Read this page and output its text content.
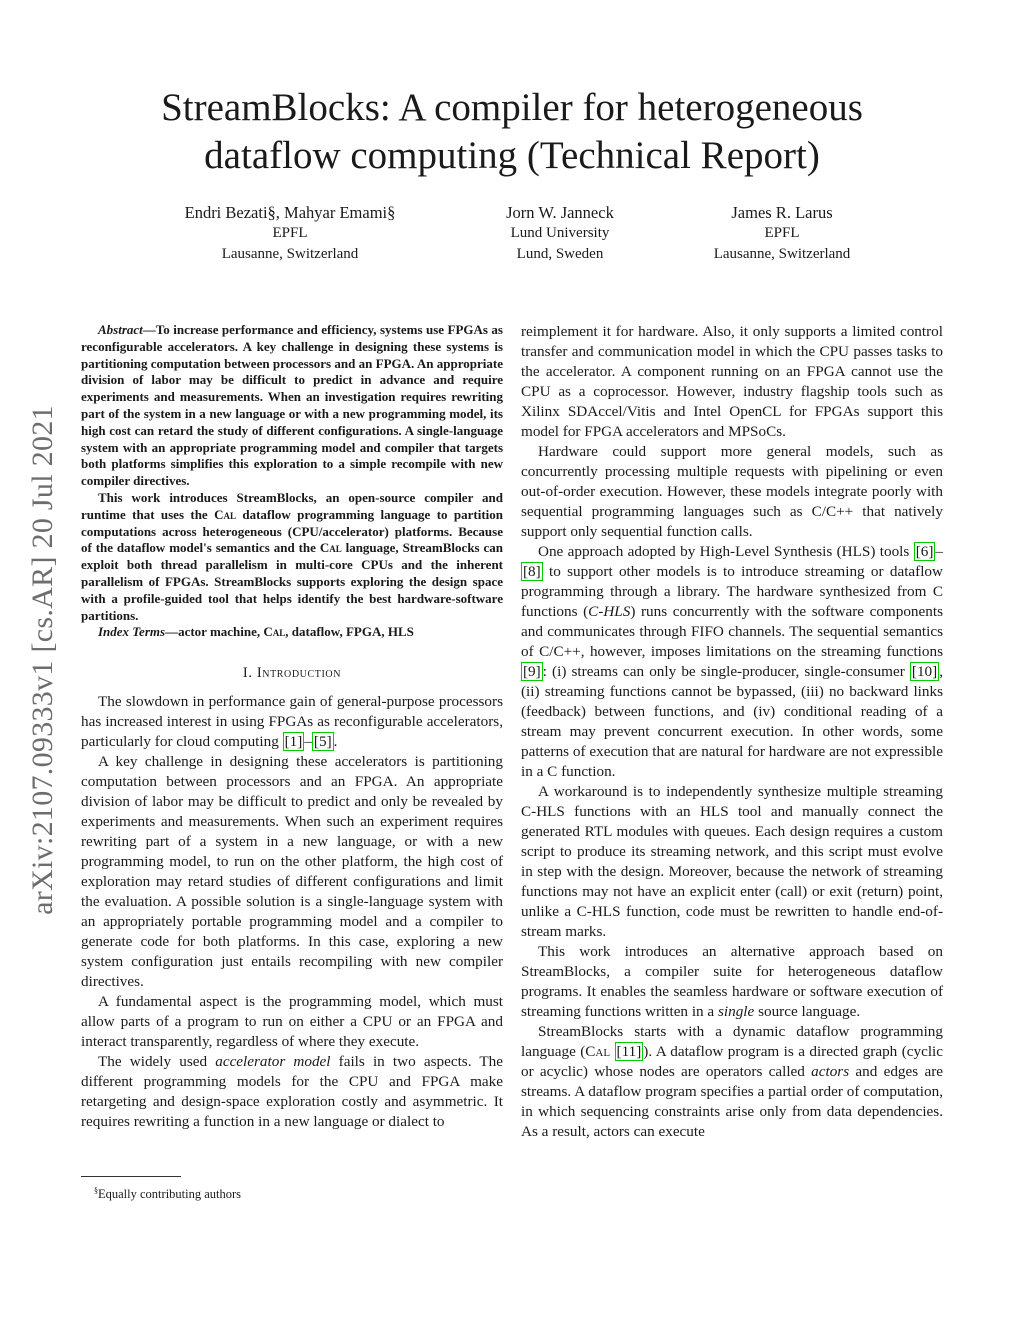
arXiv:2107.09333v1 [cs.AR] 20 Jul 2021
StreamBlocks: A compiler for heterogeneous
dataflow computing (Technical Report)
Endri Bezati§, Mahyar Emami§
EPFL
Lausanne, Switzerland
Jorn W. Janneck
Lund University
Lund, Sweden
James R. Larus
EPFL
Lausanne, Switzerland

Abstract—To increase performance and efficiency, systems use FPGAs as reconfigurable accelerators. A key challenge in designing these systems is partitioning computation between processors and an FPGA. An appropriate division of labor may be difficult to predict in advance and require experiments and measurements. When an investigation requires rewriting part of the system in a new language or with a new programming model, its high cost can retard the study of different configurations. A single-language system with an appropriate programming model and compiler that targets both platforms simplifies this exploration to a simple recompile with new compiler directives.

This work introduces StreamBlocks, an open-source compiler and runtime that uses the Cal dataflow programming language to partition computations across heterogeneous (CPU/accelerator) platforms. Because of the dataflow model's semantics and the Cal language, StreamBlocks can exploit both thread parallelism in multi-core CPUs and the inherent parallelism of FPGAs. StreamBlocks supports exploring the design space with a profile-guided tool that helps identify the best hardware-software partitions.

Index Terms—actor machine, Cal, dataflow, FPGA, HLS

I. Introduction

The slowdown in performance gain of general-purpose processors has increased interest in using FPGAs as reconfigurable accelerators, particularly for cloud computing [1] – [5] .

A key challenge in designing these accelerators is partitioning computation between processors and an FPGA. An appropriate division of labor may be difficult to predict and only be revealed by experiments and measurements. When such an experiment requires rewriting part of a system in a new language, or with a new programming model, to run on the other platform, the high cost of exploration may retard studies of different configurations and limit the evaluation. A possible solution is a single-language system with an appropriately portable programming model and a compiler to generate code for both platforms. In this case, exploring a new system configuration just entails recompiling with new compiler directives.

A fundamental aspect is the programming model, which must allow parts of a program to run on either a CPU or an FPGA and interact transparently, regardless of where they execute.

The widely used accelerator model fails in two aspects. The different programming models for the CPU and FPGA make retargeting and design-space exploration costly and asymmetric. It requires rewriting a function in a new language or dialect to

reimplement it for hardware. Also, it only supports a limited control transfer and communication model in which the CPU passes tasks to the accelerator. A component running on an FPGA cannot use the CPU as a coprocessor. However, industry flagship tools such as Xilinx SDAccel/Vitis and Intel OpenCL for FPGAs support this model for FPGA accelerators and MPSoCs.

Hardware could support more general models, such as concurrently processing multiple requests with pipelining or even out-of-order execution. However, these models integrate poorly with sequential programming languages such as C/C++ that natively support only sequential function calls.

One approach adopted by High-Level Synthesis (HLS) tools [6] –[8] to support other models is to introduce streaming or dataflow programming through a library. The hardware synthesized from C functions (C-HLS) runs concurrently with the software components and communicates through FIFO channels. The sequential semantics of C/C++, however, imposes limitations on the streaming functions [9] : (i) streams can only be single-producer, single-consumer [10] , (ii) streaming functions cannot be bypassed, (iii) no backward links (feedback) between functions, and (iv) conditional reading of a stream may prevent concurrent execution. In other words, some patterns of execution that are natural for hardware are not expressible in a C function.

A workaround is to independently synthesize multiple streaming C-HLS functions with an HLS tool and manually connect the generated RTL modules with queues. Each design requires a custom script to produce its streaming network, and this script must evolve in step with the design. Moreover, because the network of streaming functions may not have an explicit enter (call) or exit (return) point, unlike a C-HLS function, code must be rewritten to handle end-of-stream marks.

This work introduces an alternative approach based on StreamBlocks, a compiler suite for heterogeneous dataflow programs. It enables the seamless hardware or software execution of streaming functions written in a single source language.

StreamBlocks starts with a dynamic dataflow programming language (Cal [11] ). A dataflow program is a directed graph (cyclic or acyclic) whose nodes are operators called actors and edges are streams. A dataflow program specifies a partial order of computation, in which sequencing constraints arise only from data dependencies. As a result, actors can execute

§Equally contributing authors
